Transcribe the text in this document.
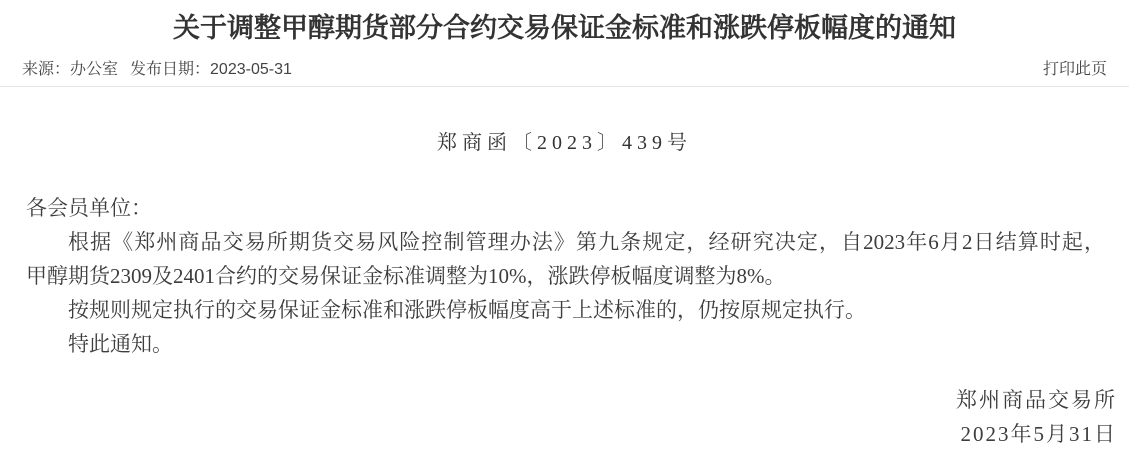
关于调整甲醇期货部分合约交易保证金标准和涨跌停板幅度的通知
来源：办公室 发布日期：2023-05-31	打印此页
郑商函〔2023〕439号
各会员单位：
根据《郑州商品交易所期货交易风险控制管理办法》第九条规定，经研究决定，自2023年6月2日结算时起，
甲醇期货2309及2401合约的交易保证金标准调整为10%，涨跌停板幅度调整为8%。
按规则规定执行的交易保证金标准和涨跌停板幅度高于上述标准的，仍按原规定执行。
特此通知。
郑州商品交易所
2023年5月31日
